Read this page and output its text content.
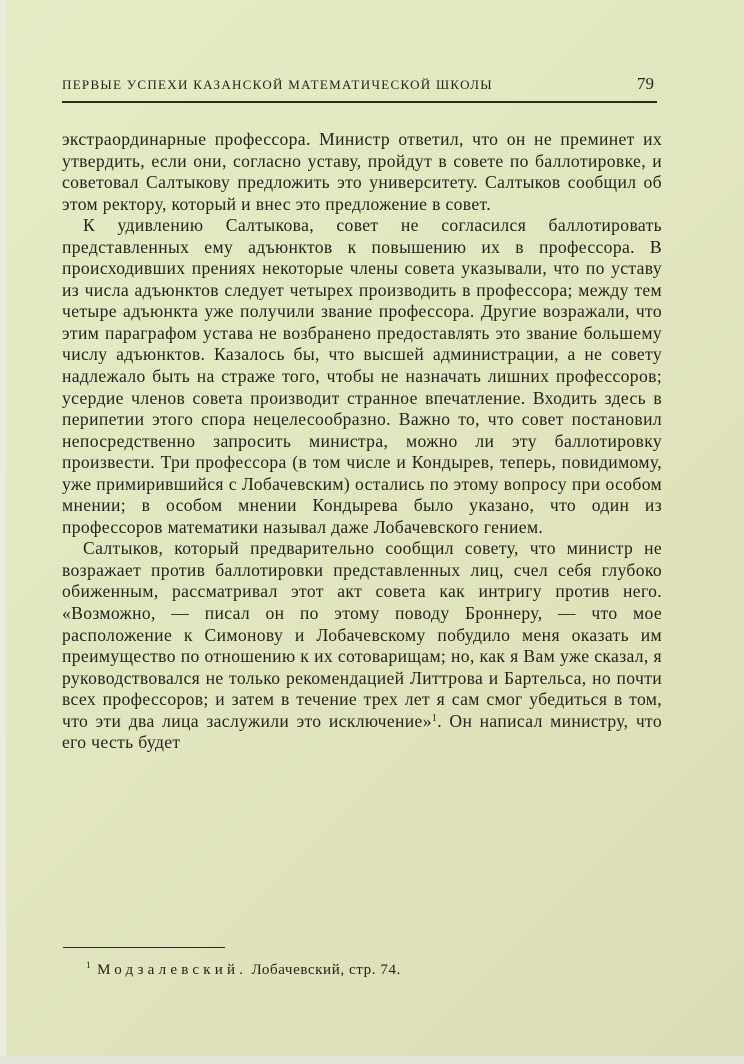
ПЕРВЫЕ УСПЕХИ КАЗАНСКОЙ МАТЕМАТИЧЕСКОЙ ШКОЛЫ	79

экстраординарные профессора. Министр ответил, что он не преминет их утвердить, если они, согласно уставу, пройдут в совете по баллотировке, и советовал Салтыкову предложить это университету. Салтыков сообщил об этом ректору, который и внес это предложение в совет.

К удивлению Салтыкова, совет не согласился баллотировать представленных ему адъюнктов к повышению их в профессора. В происходивших прениях некоторые члены совета указывали, что по уставу из числа адъюнктов следует четырех производить в профессора; между тем четыре адъюнкта уже получили звание профессора. Другие возражали, что этим параграфом устава не возбранено предоставлять это звание большему числу адъюнктов. Казалось бы, что высшей администрации, а не совету надлежало быть на страже того, чтобы не назначать лишних профессоров; усердие членов совета производит странное впечатление. Входить здесь в перипетии этого спора нецелесообразно. Важно то, что совет постановил непосредственно запросить министра, можно ли эту баллотировку произвести. Три профессора (в том числе и Кондырев, теперь, повидимому, уже примирившийся с Лобачевским) остались по этому вопросу при особом мнении; в особом мнении Кондырева было указано, что один из профессоров математики называл даже Лобачевского гением.

Салтыков, который предварительно сообщил совету, что министр не возражает против баллотировки представленных лиц, счел себя глубоко обиженным, рассматривал этот акт совета как интригу против него. «Возможно, — писал он по этому поводу Броннеру, — что мое расположение к Симонову и Лобачевскому побудило меня оказать им преимущество по отношению к их сотоварищам; но, как я Вам уже сказал, я руководствовался не только рекомендацией Литтрова и Бартельса, но почти всех профессоров; и затем в течение трех лет я сам смог убедиться в том, что эти два лица заслужили это исключение»$^1$. Он написал министру, что его честь будет

$^1$ Модзалевский. Лобачевский, стр. 74.
